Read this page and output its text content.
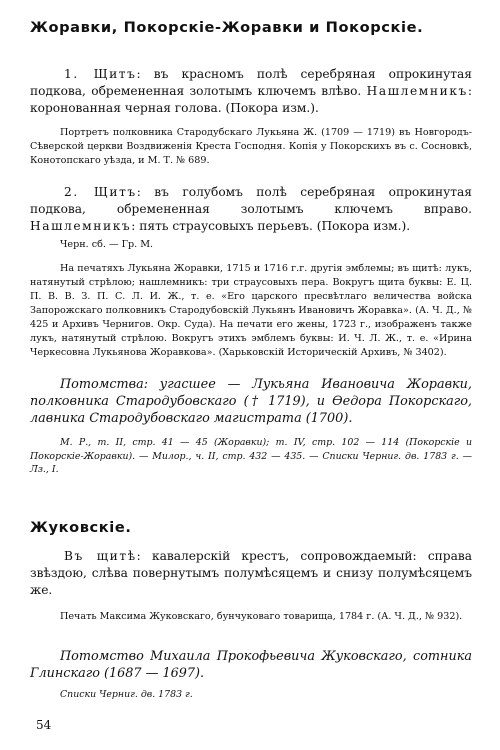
Жоравки, Покорскіе-Жоравки и Покорскіе.
1. Щитъ: въ красномъ полѣ серебряная опрокинутая подкова, обремененная золотымъ ключемъ влѣво. Нашлемникъ: коронованная черная голова. (Покора изм.).
Портретъ полковника Стародубскаго Лукьяна Ж. (1709 — 1719) въ Новгородъ-Сѣверской церкви Воздвиженія Креста Господня. Копія у Покорскихъ въ с. Сосновкѣ, Конотопскаго уѣзда, и М. Т. № 689.
2. Щитъ: въ голубомъ полѣ серебряная опрокинутая подкова, обремененная золотымъ ключемъ вправо. Нашлемникъ: пять страусовыхъ перьевъ. (Покора изм.).
Черн. сб. — Гр. М.
На печатяхъ Лукьяна Жоравки, 1715 и 1716 г.г. другія эмблемы; въ щитѣ: лукъ, натянутый стрѣлою; нашлемникъ: три страусовыхъ пера. Вокругъ щита буквы: Е. Ц. П. В. В. З. П. С. Л. И. Ж., т. е. «Его царского пресвѣтлаго величества войска Запорожскаго полковникъ Стародубовскій Лукьянъ Ивановичъ Жоравка». (А. Ч. Д., № 425 и Архивъ Чернигов. Окр. Суда). На печати его жены, 1723 г., изображенъ также лукъ, натянутый стрѣлою. Вокругъ этихъ эмблемъ буквы: И. Ч. Л. Ж., т. е. «Ирина Черкесовна Лукьянова Жоравкова». (Харьковскій Историческій Архивъ, № 3402).
Потомства: угасшее — Лукьяна Ивановича Жоравки, полковника Стародубовскаго († 1719), и Ѳедора Покорскаго, лавника Стародубовскаго магистрата (1700).
М. Р., т. II, стр. 41 — 45 (Жоравки); т. IV, стр. 102 — 114 (Покорскіе и Покорскіе-Жоравки). — Милор., ч. II, стр. 432 — 435. — Списки Черниг. дв. 1783 г. — Лз., I.
Жуковскіе.
Въ щитѣ: кавалерскій крестъ, сопровождаемый: справа звѣздою, слѣва повернутымъ полумѣсяцемъ и снизу полумѣсяцемъ же.
Печать Максима Жуковскаго, бунчуковаго товарища, 1784 г. (А. Ч. Д., № 932).
Потомство Михаила Прокофьевича Жуковскаго, сотника Глинскаго (1687 — 1697).
Списки Черниг. дв. 1783 г.
54
